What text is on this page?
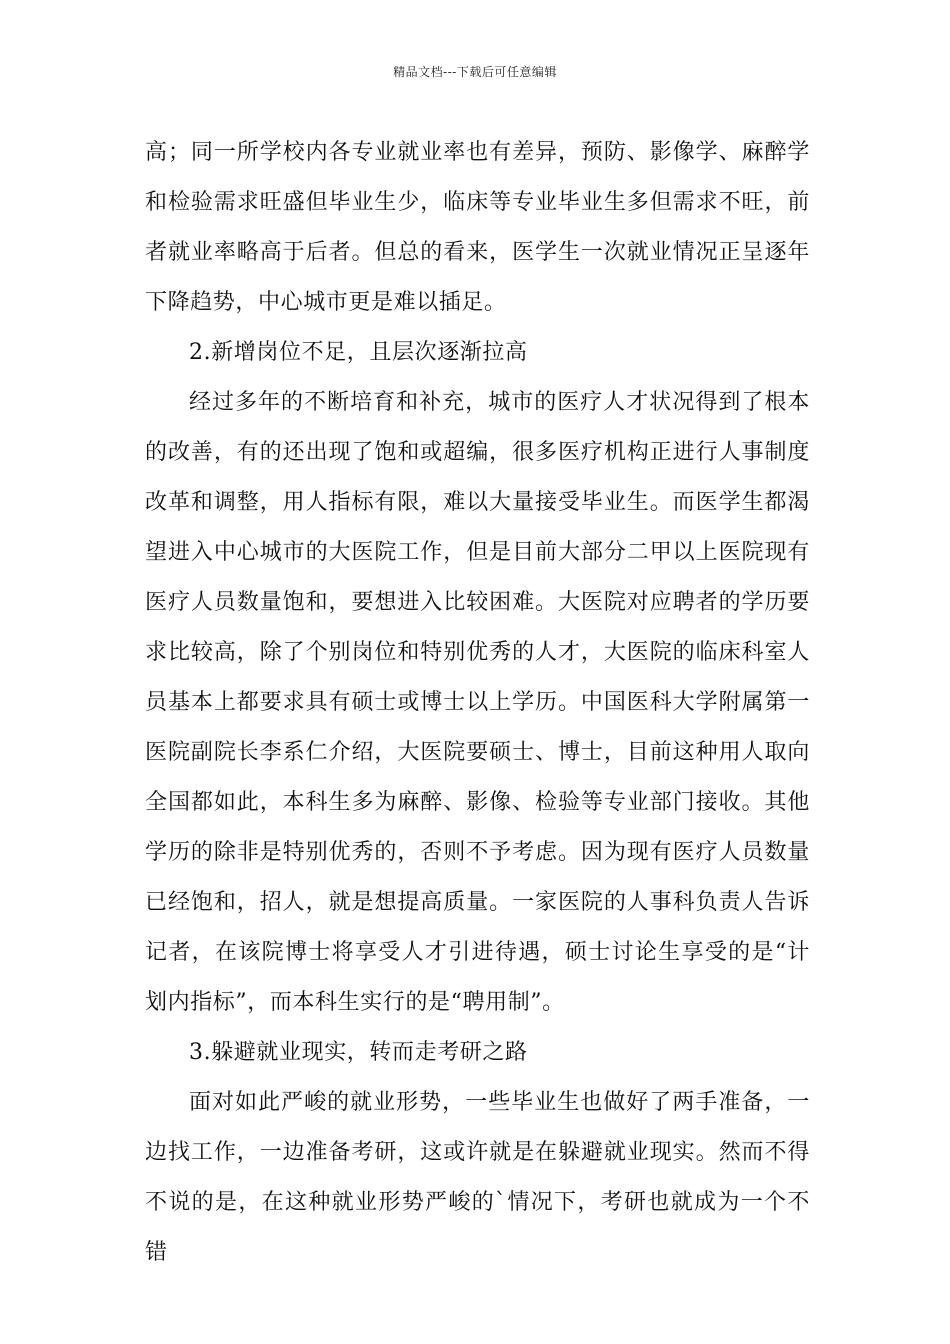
精品文档---下载后可任意编辑

高；同一所学校内各专业就业率也有差异，预防、影像学、麻醉学和检验需求旺盛但毕业生少，临床等专业毕业生多但需求不旺，前者就业率略高于后者。但总的看来，医学生一次就业情况正呈逐年下降趋势，中心城市更是难以插足。

2.新增岗位不足，且层次逐渐拉高

经过多年的不断培育和补充，城市的医疗人才状况得到了根本的改善，有的还出现了饱和或超编，很多医疗机构正进行人事制度改革和调整，用人指标有限，难以大量接受毕业生。而医学生都渴望进入中心城市的大医院工作，但是目前大部分二甲以上医院现有医疗人员数量饱和，要想进入比较困难。大医院对应聘者的学历要求比较高，除了个别岗位和特别优秀的人才，大医院的临床科室人员基本上都要求具有硕士或博士以上学历。中国医科大学附属第一医院副院长李系仁介绍，大医院要硕士、博士，目前这种用人取向全国都如此，本科生多为麻醉、影像、检验等专业部门接收。其他学历的除非是特别优秀的，否则不予考虑。因为现有医疗人员数量已经饱和，招人，就是想提高质量。一家医院的人事科负责人告诉记者，在该院博士将享受人才引进待遇，硕士讨论生享受的是“计划内指标”，而本科生实行的是“聘用制”。

3.躲避就业现实，转而走考研之路

面对如此严峻的就业形势，一些毕业生也做好了两手准备，一边找工作，一边准备考研，这或许就是在躲避就业现实。然而不得不说的是，在这种就业形势严峻的`情况下，考研也就成为一个不错
